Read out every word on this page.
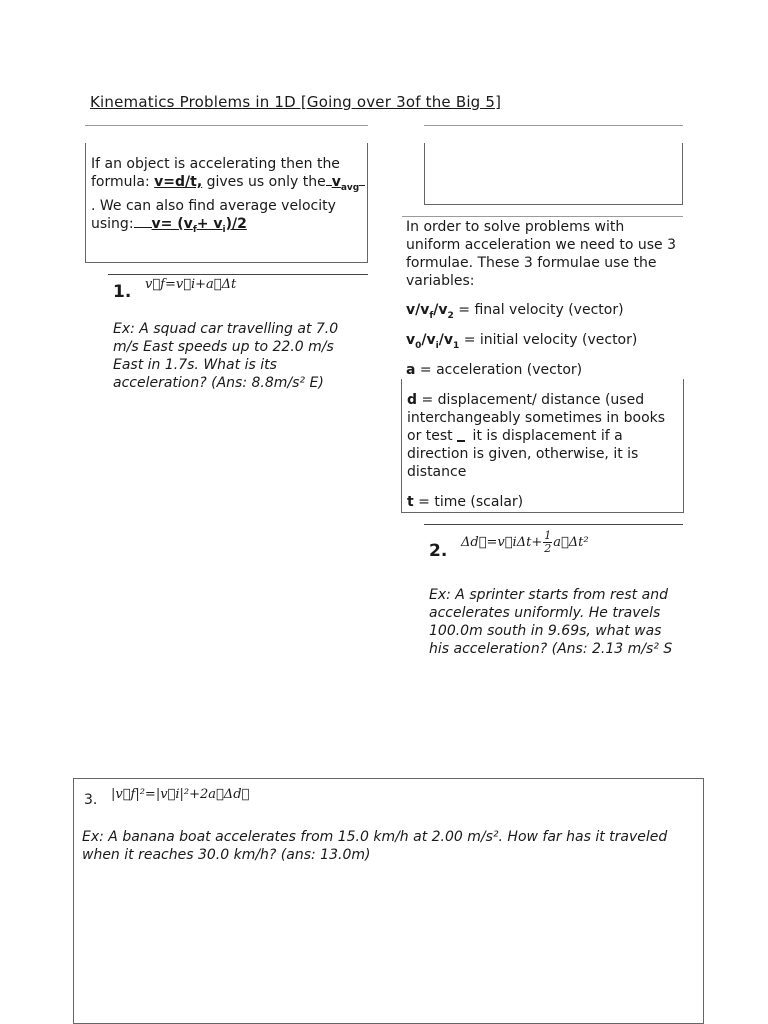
Kinematics Problems in 1D [Going over 3of the Big 5]
If an object is accelerating then the
formula: v=d/t, gives us only the $v_{avg}$
. We can also find average velocity
using: $v= (v_f+ v_i)/2$	In order to solve problems with
uniform acceleration we need to use 3
formulae. These 3 formulae use the
variables:
$v/v_f/v_2$ = final velocity (vector)
$v_0/v_i/v_1$ = initial velocity (vector)
a = acceleration (vector)
d = displacement/ distance (used
interchangeably sometimes in books
or test  it is displacement if a
direction is given, otherwise, it is
distance
t = time (scalar)
1. v⃗f=v⃗i+a⃗Δt
Ex: A squad car travelling at 7.0
m/s East speeds up to 22.0 m/s
East in 1.7s. What is its
acceleration? (Ans: 8.8m/s² E)
2. Δd⃗=v⃗iΔt+ $\frac{1}{2}$ a⃗Δt²
Ex: A sprinter starts from rest and
accelerates uniformly. He travels
100.0m south in 9.69s, what was
his acceleration? (Ans: 2.13 m/s² S
3. |v⃗f|²=|v⃗i|²+2a⃗Δd⃗
Ex: A banana boat accelerates from 15.0 km/h at 2.00 m/s². How far has it traveled
when it reaches 30.0 km/h? (ans: 13.0m)
